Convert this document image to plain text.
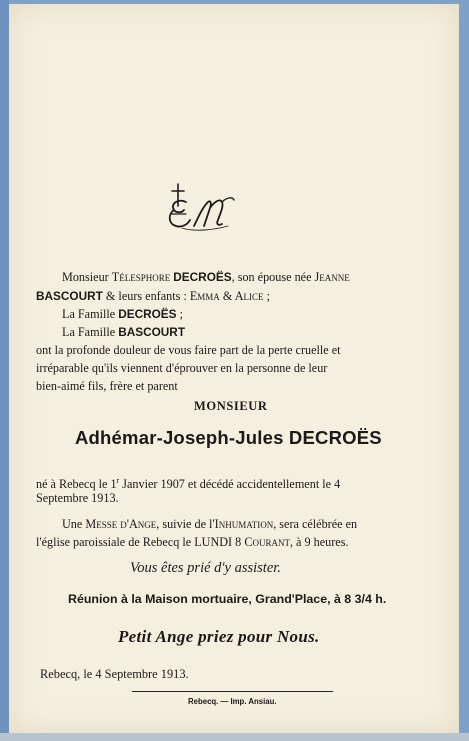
Monsieur Télesphore DECROËS, son épouse née Jeanne
BASCOURT & leurs enfants : Emma & Alice ;
La Famille DECROËS ;
La Famille BASCOURT
ont la profonde douleur de vous faire part de la perte cruelle et
irréparable qu'ils viennent d'éprouver en la personne de leur
bien-aimé fils, frère et parent
MONSIEUR
Adhémar-Joseph-Jules DECROËS
né à Rebecq le 1$^r$ Janvier 1907 et décédé accidentellement le 4
Septembre 1913.
Une Messe d'Ange, suivie de l'Inhumation, sera célébrée en
l'église paroissiale de Rebecq le LUNDI 8 Courant, à 9 heures.
Vous êtes prié d'y assister.
Réunion à la Maison mortuaire, Grand'Place, à 8 3/4 h.
Petit Ange priez pour Nous.
Rebecq, le 4 Septembre 1913.
Rebecq. — Imp. Ansiau.
